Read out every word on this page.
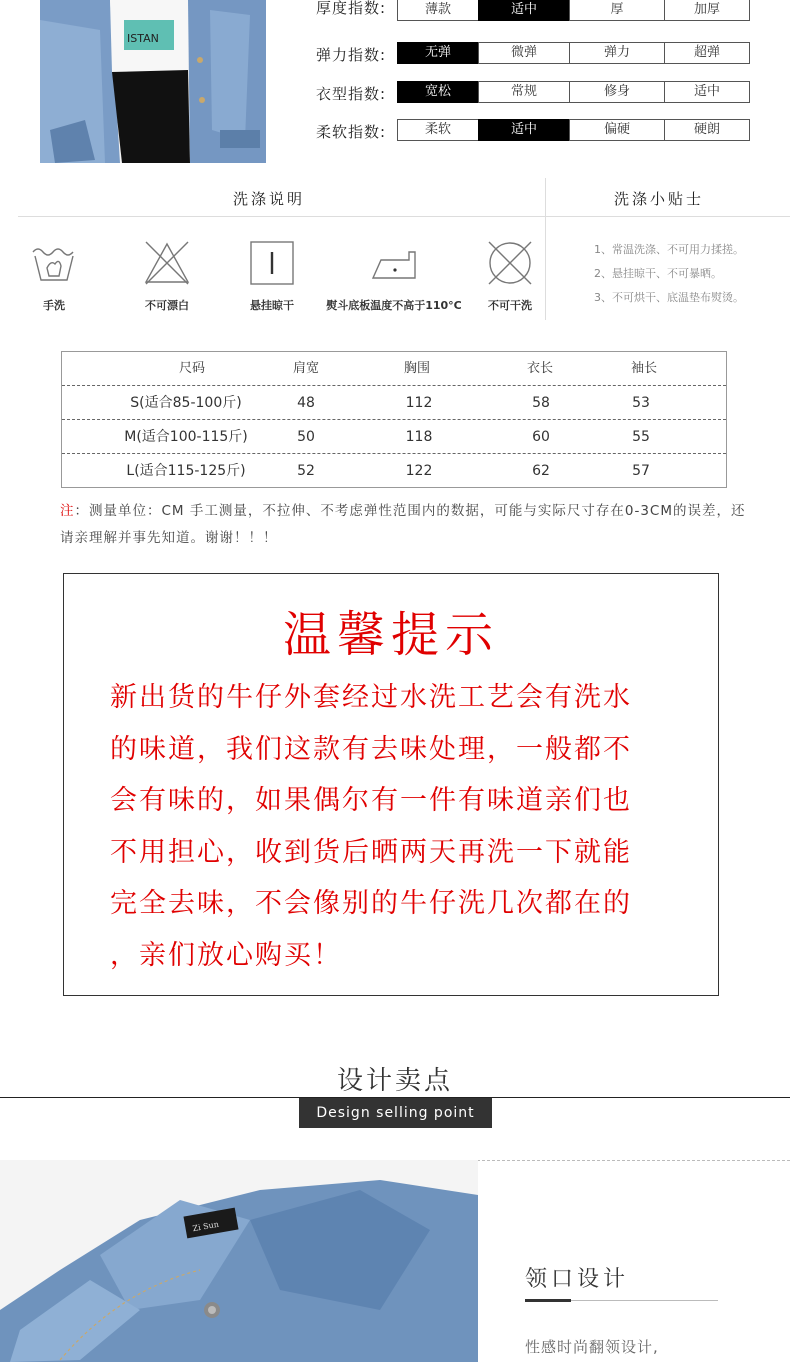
ISTAN
厚度指数:	薄款	适中	厚	加厚
弹力指数:	无弹	微弹	弹力	超弹
衣型指数:	宽松	常规	修身	适中
柔软指数:	柔软	适中	偏硬	硬朗
洗涤说明	洗涤小贴士
手洗	不可漂白	悬挂晾干	熨斗底板温度不高于110°C 不可干洗
1、常温洗涤、不可用力揉搓。
2、悬挂晾干、不可暴晒。
3、不可烘干、底温垫布熨烫。
尺码	肩宽	胸围	衣长	袖长
S(适合85-100斤)	48	112	58	53
M(适合100-115斤)	50	118	60	55
L(适合115-125斤)	52	122	62	57
注：测量单位：CM 手工测量，不拉伸、不考虑弹性范围内的数据，可能与实际尺寸存在0-3CM的误差，还请亲理解并事先知道。谢谢！！！
温馨提示
新出货的牛仔外套经过水洗工艺会有洗水
的味道，我们这款有去味处理，一般都不
会有味的，如果偶尔有一件有味道亲们也
不用担心，收到货后晒两天再洗一下就能
完全去味，不会像别的牛仔洗几次都在的
，亲们放心购买！
设计卖点
Design selling point
Zi Sun
领口设计
性感时尚翻领设计,
